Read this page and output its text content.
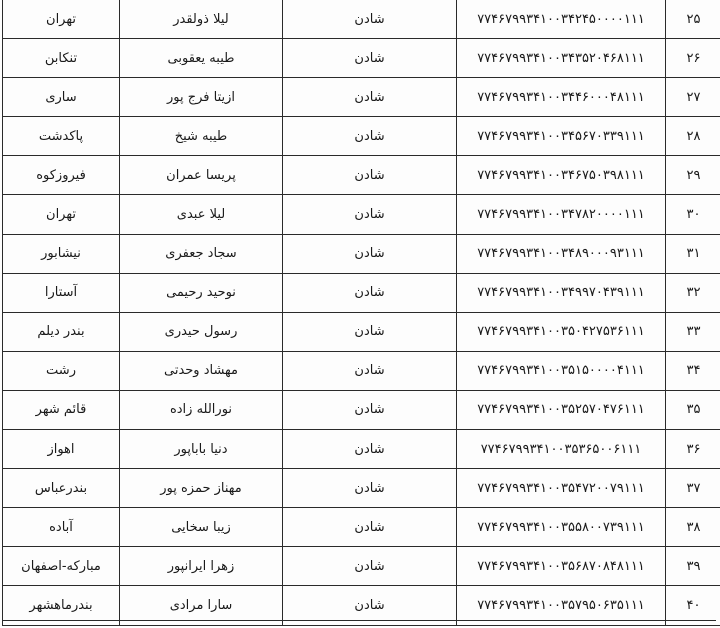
۲۵	۷۷۴۶۷۹۹۳۴۱۰۰۳۴۲۴۵۰۰۰۰۱۱۱	شادن	لیلا ذولقدر	تهران
۲۶	۷۷۴۶۷۹۹۳۴۱۰۰۳۴۳۵۲۰۴۶۸۱۱۱	شادن	طیبه یعقوبی	تنکابن
۲۷	۷۷۴۶۷۹۹۳۴۱۰۰۳۴۴۶۰۰۰۴۸۱۱۱	شادن	ازیتا فرج پور	ساری
۲۸	۷۷۴۶۷۹۹۳۴۱۰۰۳۴۵۶۷۰۳۳۹۱۱۱	شادن	طیبه شیخ	پاکدشت
۲۹	۷۷۴۶۷۹۹۳۴۱۰۰۳۴۶۷۵۰۳۹۸۱۱۱	شادن	پریسا عمران	فیروزکوه
۳۰	۷۷۴۶۷۹۹۳۴۱۰۰۳۴۷۸۲۰۰۰۰۱۱۱	شادن	لیلا عبدی	تهران
۳۱	۷۷۴۶۷۹۹۳۴۱۰۰۳۴۸۹۰۰۰۹۳۱۱۱	شادن	سجاد جعفری	نیشابور
۳۲	۷۷۴۶۷۹۹۳۴۱۰۰۳۴۹۹۷۰۴۳۹۱۱۱	شادن	نوحید رحیمی	آستارا
۳۳	۷۷۴۶۷۹۹۳۴۱۰۰۳۵۰۴۲۷۵۳۶۱۱۱	شادن	رسول حیدری	بندر دیلم
۳۴	۷۷۴۶۷۹۹۳۴۱۰۰۳۵۱۵۰۰۰۰۴۱۱۱	شادن	مهشاد وحدتی	رشت
۳۵	۷۷۴۶۷۹۹۳۴۱۰۰۳۵۲۵۷۰۴۷۶۱۱۱	شادن	نورالله زاده	قائم شهر
۳۶	۷۷۴۶۷۹۹۳۴۱۰۰۳۵۳۶۵۰۰۶۱۱۱	شادن	دنیا باباپور	اهواز
۳۷	۷۷۴۶۷۹۹۳۴۱۰۰۳۵۴۷۲۰۰۷۹۱۱۱	شادن	مهناز حمزه پور	بندرعباس
۳۸	۷۷۴۶۷۹۹۳۴۱۰۰۳۵۵۸۰۰۷۳۹۱۱۱	شادن	زیبا سخایی	آباده
۳۹	۷۷۴۶۷۹۹۳۴۱۰۰۳۵۶۸۷۰۸۴۸۱۱۱	شادن	زهرا ایرانپور	مبارکه-اصفهان
۴۰	۷۷۴۶۷۹۹۳۴۱۰۰۳۵۷۹۵۰۶۳۵۱۱۱	شادن	سارا مرادی	بندرماهشهر
